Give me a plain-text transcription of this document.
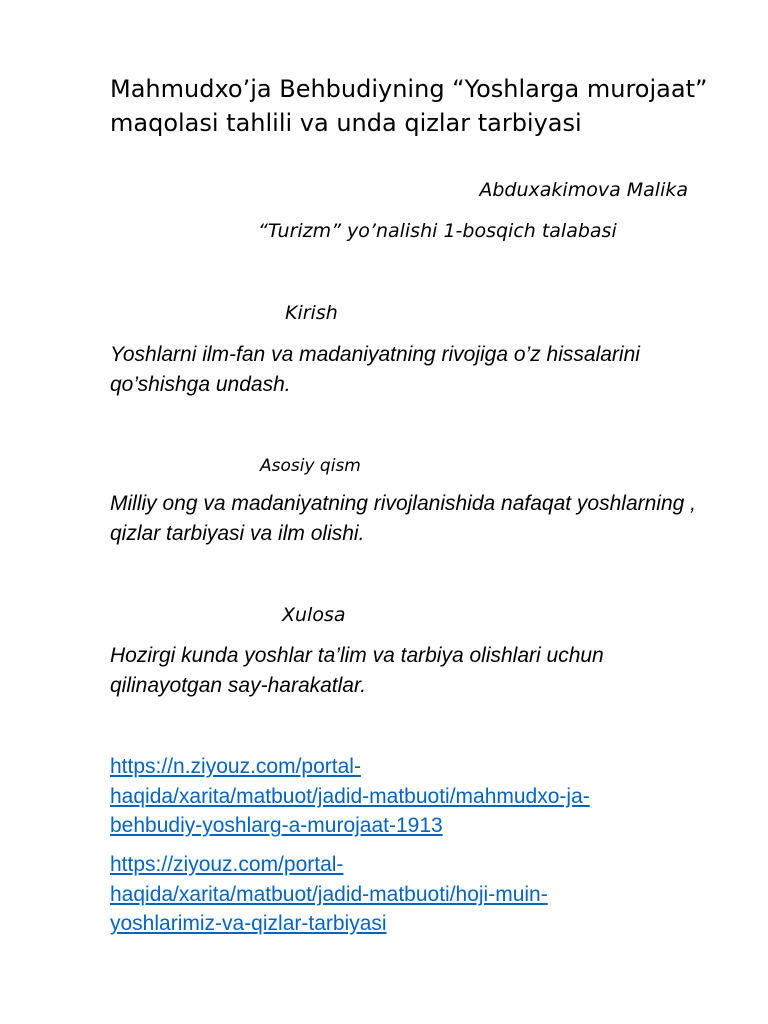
Mahmudxo’ja Behbudiyning “Yoshlarga murojaat” maqolasi tahlili va unda qizlar tarbiyasi
Abduxakimova Malika
“Turizm” yo’nalishi 1-bosqich talabasi
Kirish

Yoshlarni ilm-fan va madaniyatning rivojiga o’z hissalarini qo’shishga undash.

Asosiy qism

Milliy ong va madaniyatning rivojlanishida nafaqat yoshlarning , qizlar tarbiyasi va ilm olishi.

Xulosa

Hozirgi kunda yoshlar ta’lim va tarbiya olishlari uchun qilinayotgan say-harakatlar.

https://n.ziyouz.com/portal-
haqida/xarita/matbuot/jadid-matbuoti/mahmudxo-ja-
behbudiy-yoshlarg-a-murojaat-1913
https://ziyouz.com/portal-
haqida/xarita/matbuot/jadid-matbuoti/hoji-muin-
yoshlarimiz-va-qizlar-tarbiyasi
